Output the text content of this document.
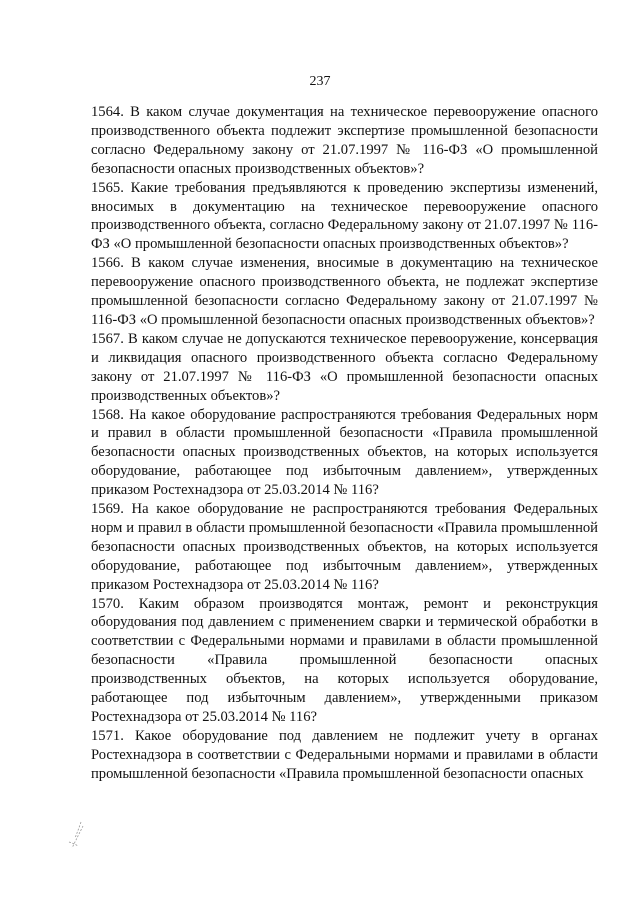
237

1564. В каком случае документация на техническое перевооружение опасного производственного объекта подлежит экспертизе промышленной безопасности согласно Федеральному закону от 21.07.1997 № 116-ФЗ «О промышленной безопасности опасных производственных объектов»?

1565. Какие требования предъявляются к проведению экспертизы изменений, вносимых в документацию на техническое перевооружение опасного производственного объекта, согласно Федеральному закону от 21.07.1997 № 116-ФЗ «О промышленной безопасности опасных производственных объектов»?

1566. В каком случае изменения, вносимые в документацию на техническое перевооружение опасного производственного объекта, не подлежат экспертизе промышленной безопасности согласно Федеральному закону от 21.07.1997 № 116-ФЗ «О промышленной безопасности опасных производственных объектов»?

1567. В каком случае не допускаются техническое перевооружение, консервация и ликвидация опасного производственного объекта согласно Федеральному закону от 21.07.1997 № 116-ФЗ «О промышленной безопасности опасных производственных объектов»?

1568. На какое оборудование распространяются требования Федеральных норм и правил в области промышленной безопасности «Правила промышленной безопасности опасных производственных объектов, на которых используется оборудование, работающее под избыточным давлением», утвержденных приказом Ростехнадзора от 25.03.2014 № 116?

1569. На какое оборудование не распространяются требования Федеральных норм и правил в области промышленной безопасности «Правила промышленной безопасности опасных производственных объектов, на которых используется оборудование, работающее под избыточным давлением», утвержденных приказом Ростехнадзора от 25.03.2014 № 116?

1570. Каким образом производятся монтаж, ремонт и реконструкция оборудования под давлением с применением сварки и термической обработки в соответствии с Федеральными нормами и правилами в области промышленной безопасности «Правила промышленной безопасности опасных производственных объектов, на которых используется оборудование, работающее под избыточным давлением», утвержденными приказом Ростехнадзора от 25.03.2014 № 116?

1571. Какое оборудование под давлением не подлежит учету в органах Ростехнадзора в соответствии с Федеральными нормами и правилами в области промышленной безопасности «Правила промышленной безопасности опасных
